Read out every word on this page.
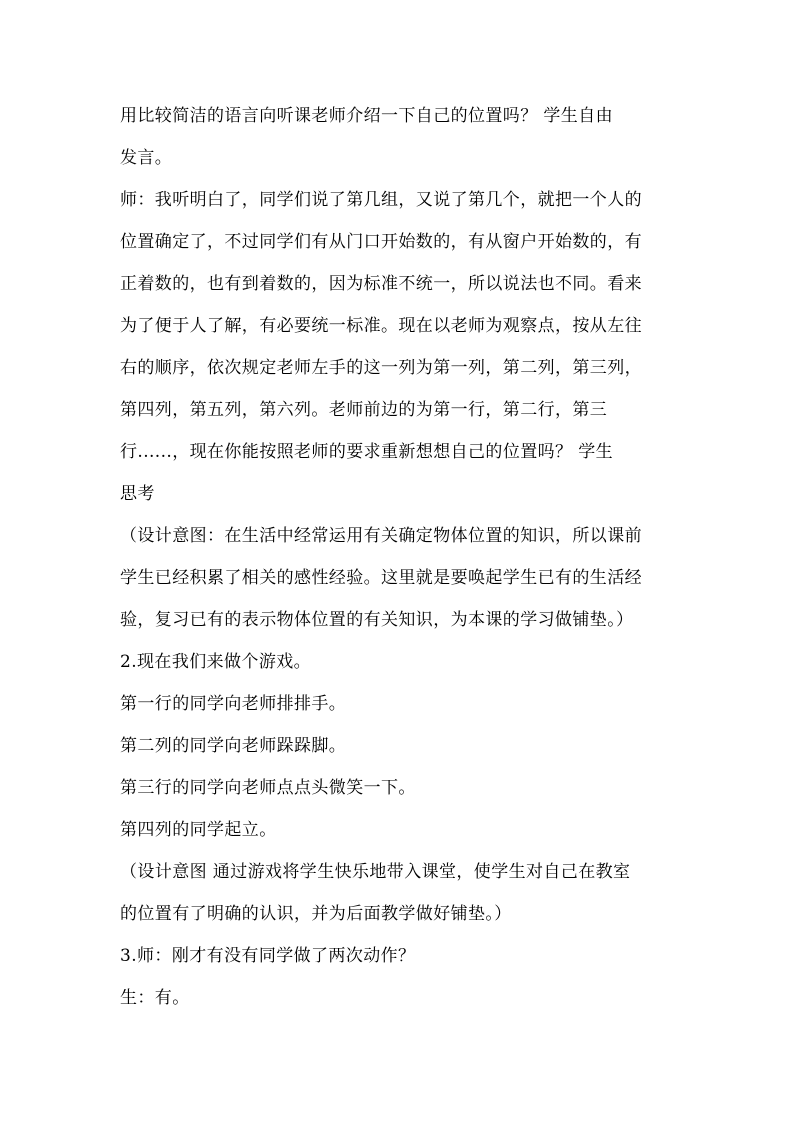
用比较简洁的语言向听课老师介绍一下自己的位置吗？ 学生自由
发言。
师：我听明白了，同学们说了第几组，又说了第几个，就把一个人的
位置确定了，不过同学们有从门口开始数的，有从窗户开始数的，有
正着数的，也有到着数的，因为标准不统一，所以说法也不同。看来
为了便于人了解，有必要统一标准。现在以老师为观察点，按从左往
右的顺序，依次规定老师左手的这一列为第一列，第二列，第三列，
第四列，第五列，第六列。老师前边的为第一行，第二行，第三
行......，现在你能按照老师的要求重新想想自己的位置吗？ 学生
思考
（设计意图：在生活中经常运用有关确定物体位置的知识，所以课前
学生已经积累了相关的感性经验。这里就是要唤起学生已有的生活经
验，复习已有的表示物体位置的有关知识，为本课的学习做铺垫。）
2.现在我们来做个游戏。
第一行的同学向老师排排手。
第二列的同学向老师跺跺脚。
第三行的同学向老师点点头微笑一下。
第四列的同学起立。
（设计意图 通过游戏将学生快乐地带入课堂，使学生对自己在教室
的位置有了明确的认识，并为后面教学做好铺垫。）
3.师：刚才有没有同学做了两次动作？
生：有。
